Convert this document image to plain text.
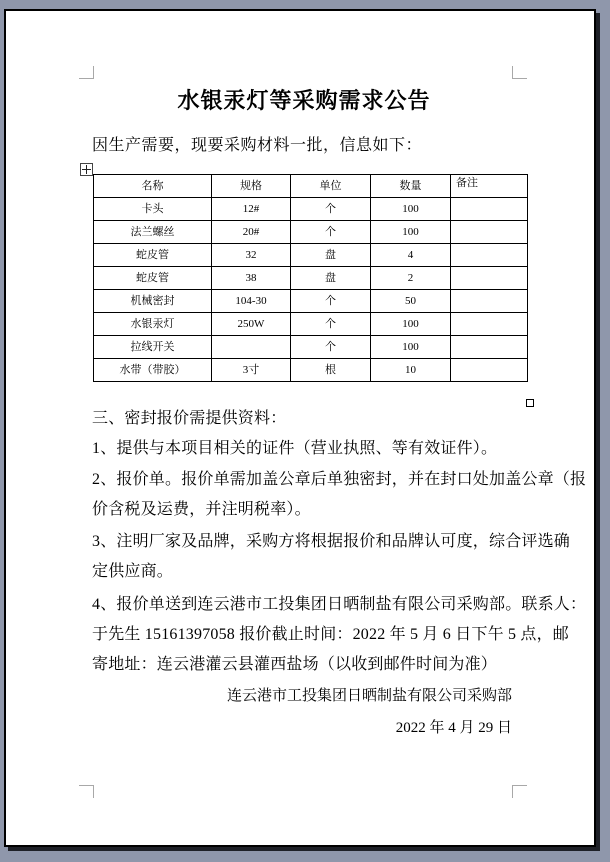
水银汞灯等采购需求公告
因生产需要，现要采购材料一批，信息如下：
名称	规格	单位	数量	备注
卡头	12#	个	100	
法兰螺丝	20#	个	100	
蛇皮管	32	盘	4	
蛇皮管	38	盘	2	
机械密封	104-30	个	50	
水银汞灯	250W	个	100	
拉线开关		个	100	
水带（带胶）	3寸	根	10	
三、密封报价需提供资料：
1、提供与本项目相关的证件（营业执照、等有效证件）。
2、报价单。报价单需加盖公章后单独密封，并在封口处加盖公章（报
价含税及运费，并注明税率）。
3、注明厂家及品牌，采购方将根据报价和品牌认可度，综合评选确
定供应商。
4、报价单送到连云港市工投集团日晒制盐有限公司采购部。联系人：
于先生 15161397058 报价截止时间：2022 年 5 月 6 日下午 5 点，邮
寄地址：连云港灌云县灌西盐场（以收到邮件时间为准）
连云港市工投集团日晒制盐有限公司采购部
2022 年 4 月 29 日
